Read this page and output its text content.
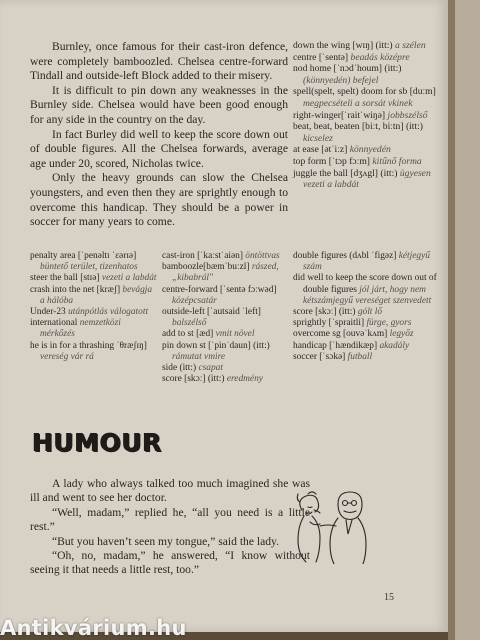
Burnley, once famous for their cast-iron defence, were completely bamboozled. Chelsea centre-forward Tindall and outside-left Block added to their misery.

It is difficult to pin down any weaknesses in the Burnley side. Chelsea would have been good enough for any side in the country on the day.

In fact Burley did well to keep the score down out of double figures. All the Chelsea forwards, average age under 20, scored, Nicholas twice.

Only the heavy grounds can slow the Chelsea youngsters, and even then they are sprightly enough to overcome this handicap. They should be a power in soccer for many years to come.

down the wing [wɪŋ] (itt:) a szélen

centre [ˈsentə] beadás középre

nod home [ˈnɔdˈhoum] (itt:) (könnyedén) befejel

spell(spelt, spelt) doom for sb [duːm] megpecsételi a sorsát vkinek

right-winger[ˈraitˈwiŋə] jobbszélső

beat, beat, beaten [biːt, biːtn] (itt:) kicselez

at ease [ətˈiːz] könnyedén

top form [ˈtɔp fɔːm] kitűnő forma

juggle the ball [dʒʌgl] (itt:) ügyesen vezeti a labdát

penalty area [ˈpenəltɪ ˈɛərɪə] büntető terület, tizenhatos

steer the ball [stɪə] vezeti a labdát

crash into the net [kræʃ] bevágja a hálóba

Under-23 utánpótlás válogatott

international nemzetközi mérkőzés

he is in for a thrashing ˈθræʃɪŋ] vereség vár rá

cast-iron [ˈkaːstˈaiən] öntöttvas

bamboozle[bæmˈbuːzl] rászed, „kibabrál"

centre-forward [ˈsentə fɔːwəd] középcsatár

outside-left [ˈautsaid ˈleft] balszélső

add to st [æd] vmit növel

pin down st [ˈpinˈdaun] (itt:) rámutat vmire

side (itt:) csapat

score [skɔː] (itt:) eredmény

double figures (dʌbl ˈfigəz] kétjegyű szám

did well to keep the score down out of double figures jól járt, hogy nem kétszámjegyű vereséget szenvedett

score [skɔː] (itt:) gólt lő

sprightly [ˈspraitli] fürge, gyors

overcome sg [ouvəˈkʌm] legyőz

handicap [ˈhændikæp] akadály

soccer [ˈsɔkə] futball

HUMOUR

A lady who always talked too much imagined she was ill and went to see her doctor.

“Well, madam,” replied he, “all you need is a little rest.”

“But you haven’t seen my tongue,” said the lady.

“Oh, no, madam,” he answered, “I know without seeing it that needs a little rest, too.”

15
Antikvárium.hu
